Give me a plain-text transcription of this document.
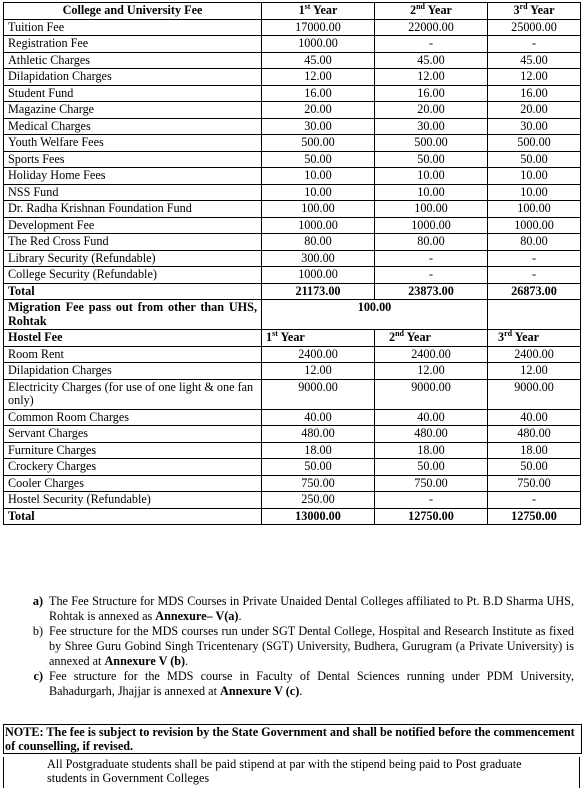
College and University Fee	1st Year	2nd Year	3rd Year
Tuition Fee	17000.00	22000.00	25000.00
Registration Fee	1000.00	-	-
Athletic Charges	45.00	45.00	45.00
Dilapidation Charges	12.00	12.00	12.00
Student Fund	16.00	16.00	16.00
Magazine Charge	20.00	20.00	20.00
Medical Charges	30.00	30.00	30.00
Youth Welfare Fees	500.00	500.00	500.00
Sports Fees	50.00	50.00	50.00
Holiday Home Fees	10.00	10.00	10.00
NSS Fund	10.00	10.00	10.00
Dr. Radha Krishnan Foundation Fund	100.00	100.00	100.00
Development Fee	1000.00	1000.00	1000.00
The Red Cross Fund	80.00	80.00	80.00
Library Security (Refundable)	300.00	-	-
College Security (Refundable)	1000.00	-	-
Total	21173.00	23873.00	26873.00
Migration Fee pass out from other than UHS, Rohtak	100.00		
Hostel Fee	1st Year	2nd Year	3rd Year
Room Rent	2400.00	2400.00	2400.00
Dilapidation Charges	12.00	12.00	12.00
Electricity Charges (for use of one light & one fan only)	9000.00	9000.00	9000.00
Common Room Charges	40.00	40.00	40.00
Servant Charges	480.00	480.00	480.00
Furniture Charges	18.00	18.00	18.00
Crockery Charges	50.00	50.00	50.00
Cooler Charges	750.00	750.00	750.00
Hostel Security (Refundable)	250.00	-	-
Total	13000.00	12750.00	12750.00
a) The Fee Structure for MDS Courses in Private Unaided Dental Colleges affiliated to Pt. B.D Sharma UHS, Rohtak is annexed as Annexure– V(a).
b) Fee structure for the MDS courses run under SGT Dental College, Hospital and Research Institute as fixed by Shree Guru Gobind Singh Tricentenary (SGT) University, Budhera, Gurugram (a Private University) is annexed at Annexure V (b).
c) Fee structure for the MDS course in Faculty of Dental Sciences running under PDM University, Bahadurgarh, Jhajjar is annexed at Annexure V (c).
NOTE: The fee is subject to revision by the State Government and shall be notified before the commencement of counselling, if revised.
All Postgraduate students shall be paid stipend at par with the stipend being paid to Post graduate students in Government Colleges
